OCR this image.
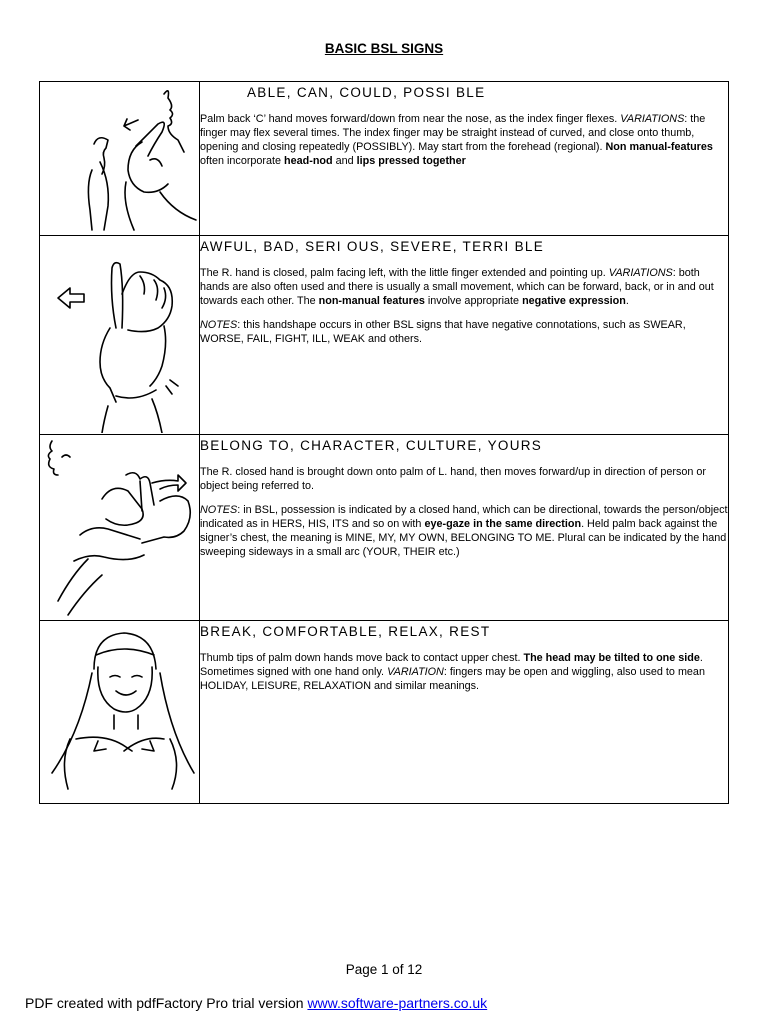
BASIC BSL SIGNS

ABLE, CAN, COULD, POSSI BLE

Palm back ‘C’ hand moves forward/down from near the nose, as the index finger flexes. VARIATIONS: the finger may flex several times. The index finger may be straight instead of curved, and close onto thumb, opening and closing repeatedly (POSSIBLY). May start from the forehead (regional). Non manual-features often incorporate head-nod and lips pressed together

AWFUL, BAD, SERI OUS, SEVERE, TERRI BLE

The R. hand is closed, palm facing left, with the little finger extended and pointing up. VARIATIONS: both hands are also often used and there is usually a small movement, which can be forward, back, or in and out towards each other. The non-manual features involve appropriate negative expression.

NOTES: this handshape occurs in other BSL signs that have negative connotations, such as SWEAR, WORSE, FAIL, FIGHT, ILL, WEAK and others.

BELONG TO, CHARACTER, CULTURE, YOURS

The R. closed hand is brought down onto palm of L. hand, then moves forward/up in direction of person or object being referred to.

NOTES: in BSL, possession is indicated by a closed hand, which can be directional, towards the person/object indicated as in HERS, HIS, ITS and so on with eye-gaze in the same direction. Held palm back against the signer’s chest, the meaning is MINE, MY, MY OWN, BELONGING TO ME. Plural can be indicated by the hand sweeping sideways in a small arc (YOUR, THEIR etc.)

BREAK, COMFORTABLE, RELAX, REST

Thumb tips of palm down hands move back to contact upper chest. The head may be tilted to one side. Sometimes signed with one hand only. VARIATION: fingers may be open and wiggling, also used to mean HOLIDAY, LEISURE, RELAXATION and similar meanings.

Page 1 of 12
PDF created with pdfFactory Pro trial version www.software-partners.co.uk
